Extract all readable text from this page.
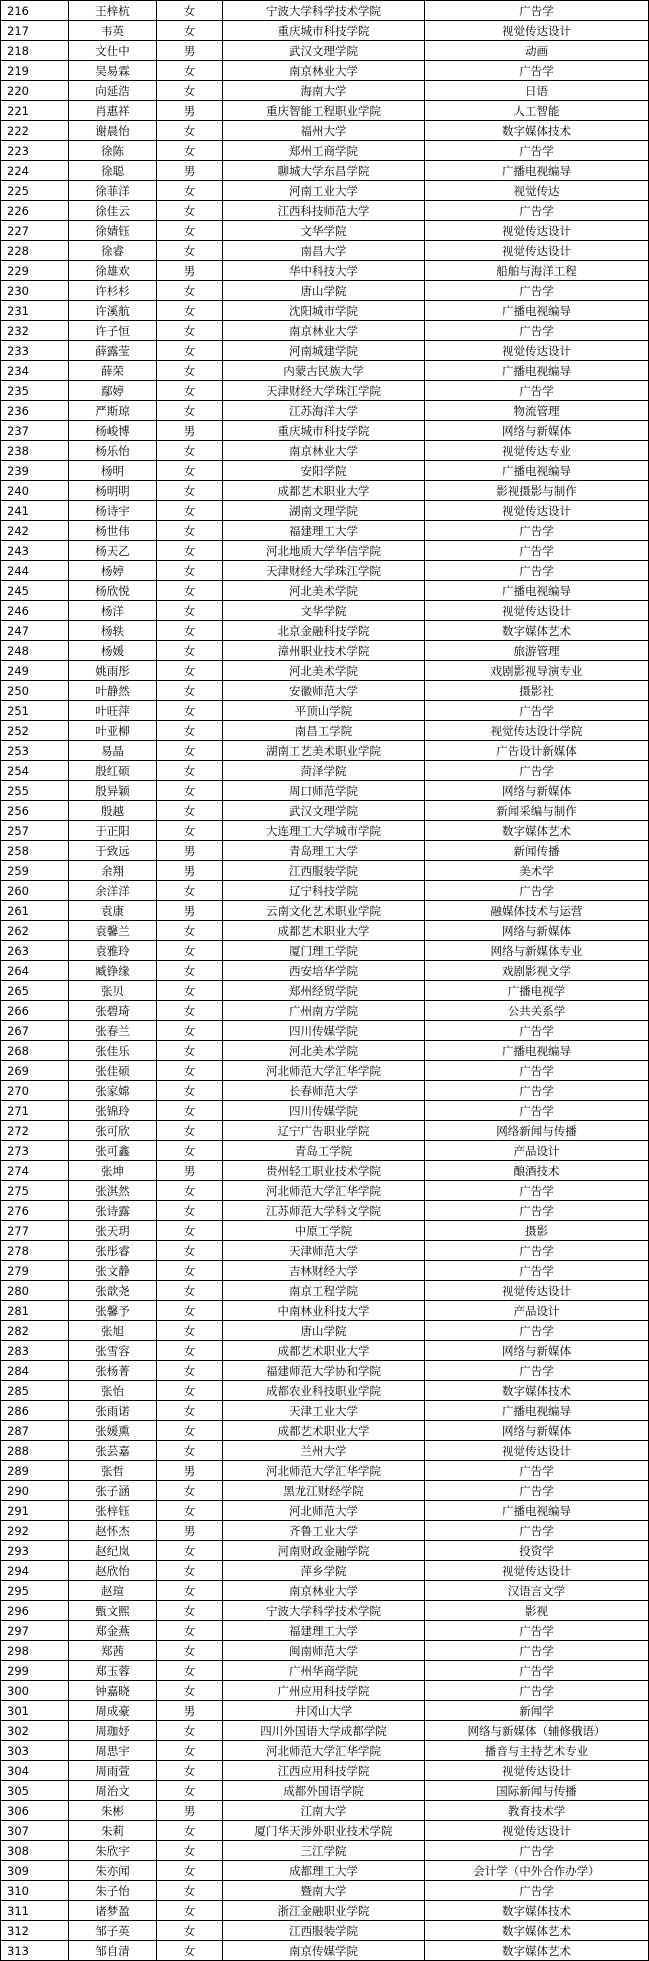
216	王梓杭	女	宁波大学科学技术学院	广告学
217	韦英	女	重庆城市科技学院	视觉传达设计
218	文仕中	男	武汉文理学院	动画
219	吴易霖	女	南京林业大学	广告学
220	向延浩	女	海南大学	日语
221	肖惠祥	男	重庆智能工程职业学院	人工智能
222	谢晨怡	女	福州大学	数字媒体技术
223	徐陈	女	郑州工商学院	广告学
224	徐聪	男	聊城大学东昌学院	广播电视编导
225	徐菲洋	女	河南工业大学	视觉传达
226	徐佳云	女	江西科技师范大学	广告学
227	徐婧钰	女	文华学院	视觉传达设计
228	徐睿	女	南昌大学	视觉传达设计
229	徐雄欢	男	华中科技大学	船舶与海洋工程
230	许杉杉	女	唐山学院	广告学
231	许溪航	女	沈阳城市学院	广播电视编导
232	许子恒	女	南京林业大学	广告学
233	薛露莹	女	河南城建学院	视觉传达设计
234	薛荣	女	内蒙古民族大学	广播电视编导
235	鄢婷	女	天津财经大学珠江学院	广告学
236	严斯琼	女	江苏海洋大学	物流管理
237	杨峻博	男	重庆城市科技学院	网络与新媒体
238	杨乐怡	女	南京林业大学	视觉传达专业
239	杨明	女	安阳学院	广播电视编导
240	杨明明	女	成都艺术职业大学	影视摄影与制作
241	杨诗宇	女	湖南文理学院	视觉传达设计
242	杨世伟	女	福建理工大学	广告学
243	杨天乙	女	河北地质大学华信学院	广告学
244	杨婷	女	天津财经大学珠江学院	广告学
245	杨欣悦	女	河北美术学院	广播电视编导
246	杨洋	女	文华学院	视觉传达设计
247	杨轶	女	北京金融科技学院	数字媒体艺术
248	杨媛	女	漳州职业技术学院	旅游管理
249	姚雨彤	女	河北美术学院	戏剧影视导演专业
250	叶静然	女	安徽师范大学	摄影社
251	叶旺萍	女	平顶山学院	广告学
252	叶亚柳	女	南昌工学院	视觉传达设计学院
253	易晶	女	湖南工艺美术职业学院	广告设计新媒体
254	殷红硕	女	菏泽学院	广告学
255	殷异颖	女	周口师范学院	网络与新媒体
256	殷越	女	武汉文理学院	新闻采编与制作
257	于正阳	女	大连理工大学城市学院	数字媒体艺术
258	于致远	男	青岛理工大学	新闻传播
259	余翔	男	江西服装学院	美术学
260	余洋洋	女	辽宁科技学院	广告学
261	袁康	男	云南文化艺术职业学院	融媒体技术与运营
262	袁馨兰	女	成都艺术职业大学	网络与新媒体
263	袁雅玲	女	厦门理工学院	网络与新媒体专业
264	臧铮缘	女	西安培华学院	戏剧影视文学
265	张贝	女	郑州经贸学院	广播电视学
266	张碧琦	女	广州南方学院	公共关系学
267	张春兰	女	四川传媒学院	广告学
268	张佳乐	女	河北美术学院	广播电视编导
269	张佳硕	女	河北师范大学汇华学院	广告学
270	张家嫦	女	长春师范大学	广告学
271	张锦玲	女	四川传媒学院	广告学
272	张可欣	女	辽宁广告职业学院	网络新闻与传播
273	张可鑫	女	青岛工学院	产品设计
274	张坤	男	贵州轻工职业技术学院	酿酒技术
275	张淇然	女	河北师范大学汇华学院	广告学
276	张诗露	女	江苏师范大学科文学院	广告学
277	张天玥	女	中原工学院	摄影
278	张彤睿	女	天津师范大学	广告学
279	张文静	女	吉林财经大学	广告学
280	张歆尧	女	南京工程学院	视觉传达设计
281	张馨予	女	中南林业科技大学	产品设计
282	张旭	女	唐山学院	广告学
283	张雪容	女	成都艺术职业大学	网络与新媒体
284	张杨菁	女	福建师范大学协和学院	广告学
285	张怡	女	成都农业科技职业学院	数字媒体技术
286	张雨诺	女	天津工业大学	广播电视编导
287	张媛熏	女	成都艺术职业大学	网络与新媒体
288	张芸嘉	女	兰州大学	视觉传达设计
289	张哲	男	河北师范大学汇华学院	广告学
290	张子涵	女	黑龙江财经学院	广告学
291	张梓钰	女	河北师范大学	广播电视编导
292	赵怀杰	男	齐鲁工业大学	广告学
293	赵纪岚	女	河南财政金融学院	投资学
294	赵欣怡	女	萍乡学院	视觉传达设计
295	赵瑄	女	南京林业大学	汉语言文学
296	甄文熙	女	宁波大学科学技术学院	影视
297	郑金燕	女	福建理工大学	广告学
298	郑茜	女	闽南师范大学	广告学
299	郑玉蓉	女	广州华商学院	广告学
300	钟嘉晓	女	广州应用科技学院	广告学
301	周成豪	男	井冈山大学	新闻学
302	周珈妤	女	四川外国语大学成都学院	网络与新媒体（辅修俄语）
303	周思宇	女	河北师范大学汇华学院	播音与主持艺术专业
304	周雨萱	女	江西应用科技学院	视觉传达设计
305	周治文	女	成都外国语学院	国际新闻与传播
306	朱彬	男	江南大学	教育技术学
307	朱莉	女	厦门华天涉外职业技术学院	视觉传达设计
308	朱欣宇	女	三江学院	广告学
309	朱亦闻	女	成都理工大学	会计学（中外合作办学）
310	朱子怡	女	暨南大学	广告学
311	诸梦盈	女	浙江金融职业学院	数字媒体技术
312	邹子英	女	江西服装学院	数字媒体艺术
313	邹自清	女	南京传媒学院	数字媒体艺术
